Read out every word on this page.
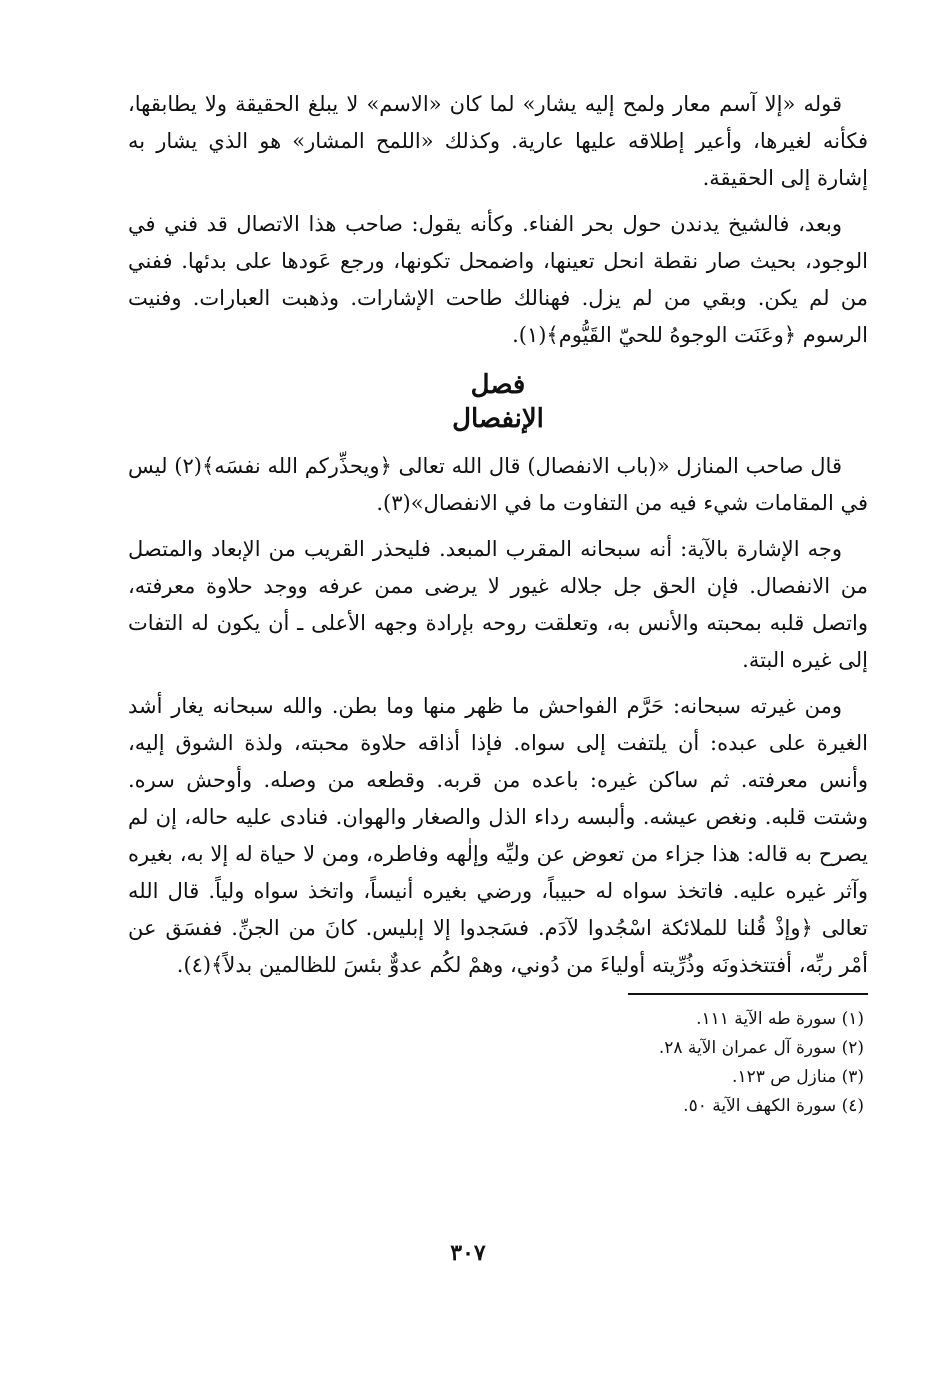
قوله «إلا آسم معار ولمح إليه يشار» لما كان «الاسم» لا يبلغ الحقيقة ولا يطابقها، فكأنه لغيرها، وأعير إطلاقه عليها عارية. وكذلك «اللمح المشار» هو الذي يشار به إشارة إلى الحقيقة.

وبعد، فالشيخ يدندن حول بحر الفناء. وكأنه يقول: صاحب هذا الاتصال قد فني في الوجود، بحيث صار نقطة انحل تعينها، واضمحل تكونها، ورجع عَودها على بدئها. ففني من لم يكن. وبقي من لم يزل. فهنالك طاحت الإشارات. وذهبت العبارات. وفنيت الرسوم ﴿وعَنَت الوجوهُ للحيّ القَيُّوم﴾(١).

فصل

الإنفصال

قال صاحب المنازل «(باب الانفصال) قال الله تعالى ﴿ويحذِّركم الله نفسَه﴾(٢) ليس في المقامات شيء فيه من التفاوت ما في الانفصال»(٣).

وجه الإشارة بالآية: أنه سبحانه المقرب المبعد. فليحذر القريب من الإبعاد والمتصل من الانفصال. فإن الحق جل جلاله غيور لا يرضى ممن عرفه ووجد حلاوة معرفته، واتصل قلبه بمحبته والأنس به، وتعلقت روحه بإرادة وجهه الأعلى ـ أن يكون له التفات إلى غيره البتة.

ومن غيرته سبحانه: حَرَّم الفواحش ما ظهر منها وما بطن. والله سبحانه يغار أشد الغيرة على عبده: أن يلتفت إلى سواه. فإذا أذاقه حلاوة محبته، ولذة الشوق إليه، وأنس معرفته. ثم ساكن غيره: باعده من قربه. وقطعه من وصله. وأوحش سره. وشتت قلبه. ونغص عيشه. وألبسه رداء الذل والصغار والهوان. فنادى عليه حاله، إن لم يصرح به قاله: هذا جزاء من تعوض عن وليِّه وإلٰهه وفاطره، ومن لا حياة له إلا به، بغيره وآثر غيره عليه. فاتخذ سواه له حبيباً، ورضي بغيره أنيساً، واتخذ سواه ولياً. قال الله تعالى ﴿وإذْ قُلنا للملائكة اسْجُدوا لآدَم. فسَجدوا إلا إبليس. كانَ من الجنِّ. ففسَق عن أمْر ربِّه، أفتتخذونَه وذُرِّيته أولياءَ من دُوني، وهمْ لكُم عدوٌّ بئسَ للظالمين بدلاً﴾(٤).

(١) سورة طه الآية ١١١.

(٢) سورة آل عمران الآية ٢٨.

(٣) منازل ص ١٢٣.

(٤) سورة الكهف الآية ٥٠.

٣٠٧
